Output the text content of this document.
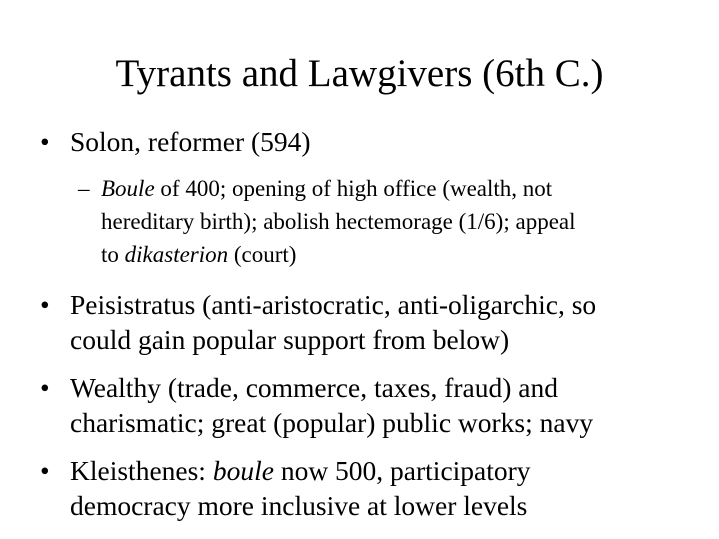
Tyrants and Lawgivers (6th C.)
• Solon, reformer (594)
– Boule of 400; opening of high office (wealth, not
hereditary birth); abolish hectemorage (1/6); appeal
to dikasterion (court)
• Peisistratus (anti-aristocratic, anti-oligarchic, so
could gain popular support from below)
• Wealthy (trade, commerce, taxes, fraud) and
charismatic; great (popular) public works; navy
• Kleisthenes: boule now 500, participatory
democracy more inclusive at lower levels
